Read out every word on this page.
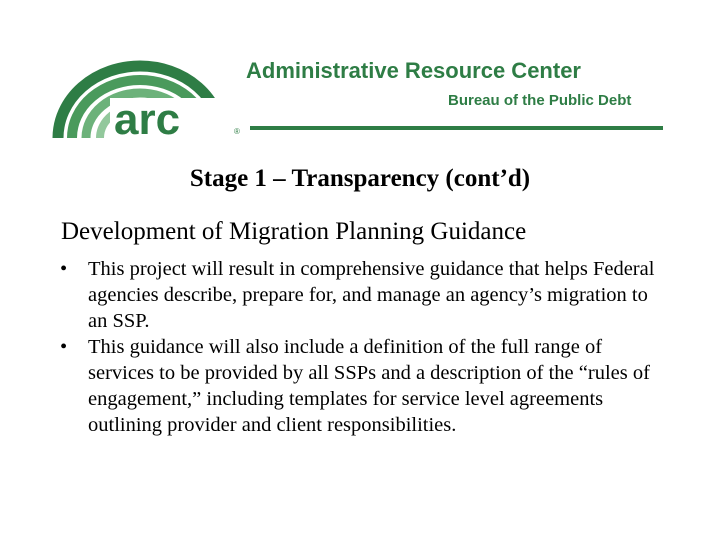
arc	®
Administrative Resource Center
Bureau of the Public Debt
Stage 1 – Transparency (cont’d)
Development of Migration Planning Guidance
• This project will result in comprehensive guidance that helps Federal agencies describe, prepare for, and manage an agency’s migration to an SSP.
• This guidance will also include a definition of the full range of services to be provided by all SSPs and a description of the “rules of engagement,” including templates for service level agreements outlining provider and client responsibilities.
